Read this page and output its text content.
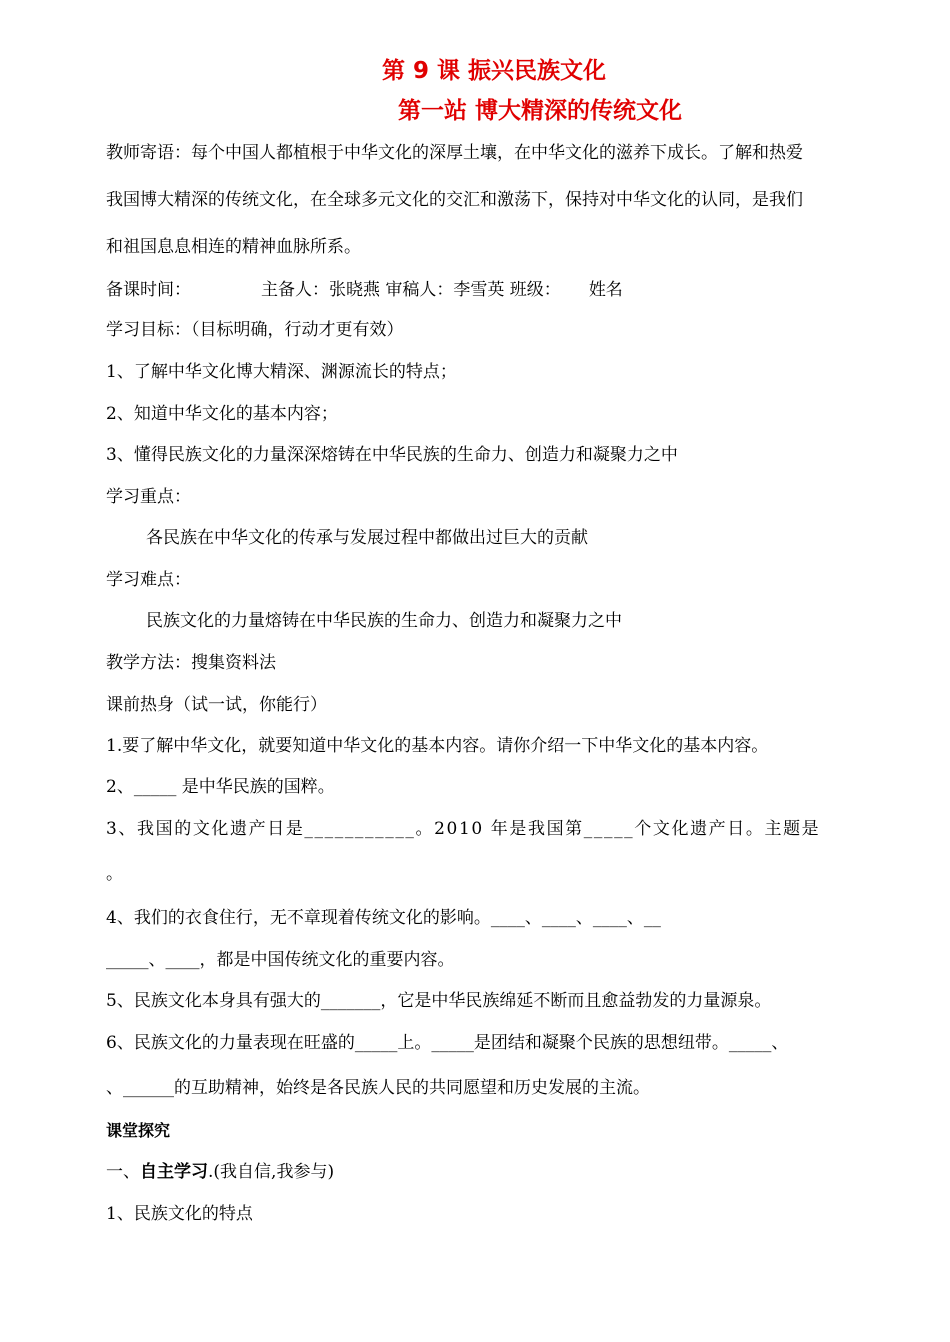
第 9 课 振兴民族文化
第一站 博大精深的传统文化
教师寄语：每个中国人都植根于中华文化的深厚土壤，在中华文化的滋养下成长。了解和热爱
我国博大精深的传统文化，在全球多元文化的交汇和激荡下，保持对中华文化的认同，是我们
和祖国息息相连的精神血脉所系。
备课时间：	主备人：张晓燕 审稿人：李雪英 班级： 姓名
学习目标：（目标明确，行动才更有效）
1、了解中华文化博大精深、渊源流长的特点；
2、知道中华文化的基本内容；
3、懂得民族文化的力量深深熔铸在中华民族的生命力、创造力和凝聚力之中
学习重点：
各民族在中华文化的传承与发展过程中都做出过巨大的贡献
学习难点：
民族文化的力量熔铸在中华民族的生命力、创造力和凝聚力之中
教学方法：搜集资料法
课前热身（试一试，你能行）
1.要了解中华文化，就要知道中华文化的基本内容。请你介绍一下中华文化的基本内容。
2、_____ 是中华民族的国粹。
3、我国的文化遗产日是___________。2010 年是我国第_____个文化遗产日。主题是
。
4、我们的衣食住行，无不章现着传统文化的影响。____、____、____、__
_____、____，都是中国传统文化的重要内容。
5、民族文化本身具有强大的_______，它是中华民族绵延不断而且愈益勃发的力量源泉。
6、民族文化的力量表现在旺盛的_____上。_____是团结和凝聚个民族的思想纽带。_____、
、______的互助精神，始终是各民族人民的共同愿望和历史发展的主流。
课堂探究
一、自主学习.(我自信,我参与)
1、民族文化的特点
